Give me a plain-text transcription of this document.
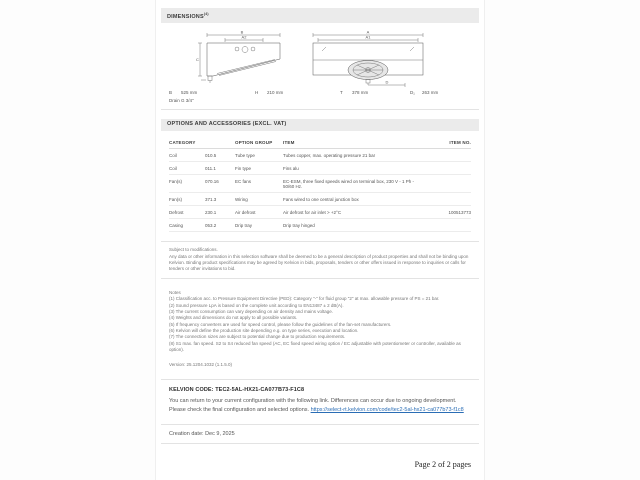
DIMENSIONS$^{(4)}$
B
A2
C
A
A1
D
B	525 mm	H	210 mm	T	378 mm	D₁	263 mm
Drain G 3/4"
OPTIONS AND ACCESSORIES (EXCL. VAT)
CATEGORY	OPTION GROUP	ITEM	ITEM NO.
Coil	010.5	Tube type	Tubes copper, max. operating pressure 21 bar
Coil	011.1	Fin type	Fins alu
Fan(s)	070.16	EC fans	EC-ESM, three fixed speeds wired on terminal box, 230 V - 1 Ph - 50/60 Hz.
Fan(s)	371.3	Wiring	Fans wired to one central junction box
Defrost	230.1	Air defrost	Air defrost for air inlet > +2°C	100513773
Casing	053.2	Drip tray	Drip tray hinged
Subject to modifications.
Any data or other information in this selection software shall be deemed to be a general description of product properties and shall not be binding upon Kelvion. Binding product specifications may be agreed by Kelvion in bids, proposals, tenders or other offers issued in response to inquiries or calls for tenders or other invitations to bid.
Notes
(1) Classification acc. to Pressure Equipment Directive (PED): Category "-" for fluid group "2" at max. allowable pressure of PS = 21 bar.
(2) Sound pressure LpA is based on the complete unit according to EN13487 ± 2 dB(A).
(3) The current consumption can vary depending on air density and mains voltage.
(4) Weights and dimensions do not apply to all possible variants.
(5) If frequency converters are used for speed control, please follow the guidelines of the fan-set manufacturers.
(6) Kelvion will define the production site depending e.g. on type series, execution and location.
(7) The connection sizes are subject to potential change due to production requirements.
(8) S1 max. fan speed. S2 to S4 reduced fan speed (AC, EC fixed speed wiring option / EC adjustable with potentiometer or controller, available as option).
Version: 25.1204.1032 (1.1.5.0)
KELVION CODE: TEC2-5AL-HX21-CA077B73-F1C8
You can return to your current configuration with the following link. Differences can occur due to ongoing development. Please check the final configuration and selected options. https://select-rt.kelvion.com/code/tec2-5al-hx21-ca077b73-f1c8
Creation date: Dec 9, 2025
Page 2 of 2 pages
